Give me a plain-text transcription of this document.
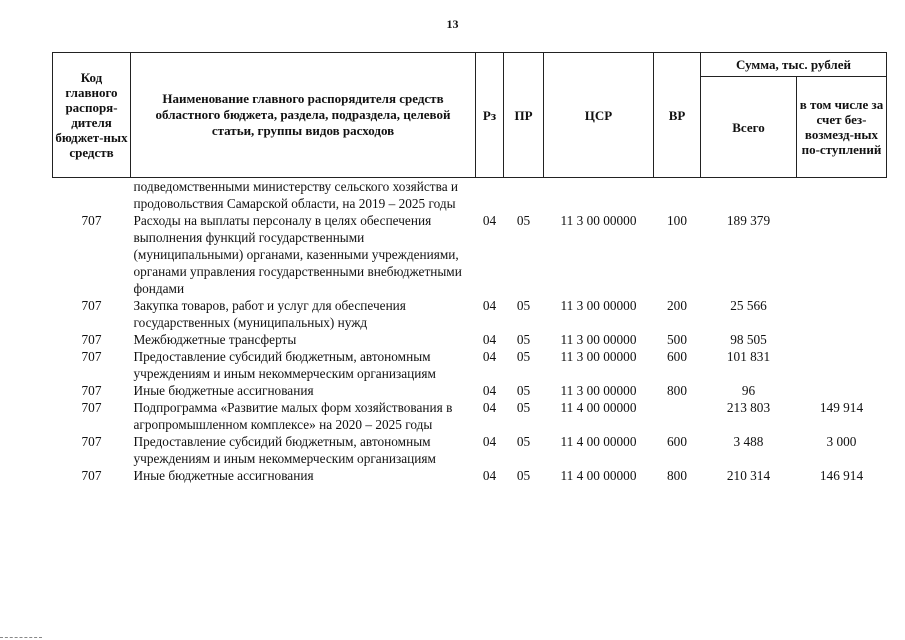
13
Код главного распоря-дителя бюджет-ных средств	Наименование главного распорядителя средств областного бюджета, раздела, подраздела, целевой статьи, группы видов расходов	Рз	ПР	ЦСР	ВР	Сумма, тыс. рублей	
						Всего	в том числе за счет без-возмезд-ных по-ступлений
	подведомственными министерству сельского хозяйства и продовольствия Самарской области, на 2019 – 2025 годы						
707	Расходы на выплаты персоналу в целях обеспечения выполнения функций государственными (муниципальными) органами, казенными учреждениями, органами управления государственными внебюджетными фондами	04	05	11 3 00 00000	100	189 379	
707	Закупка товаров, работ и услуг для обеспечения государственных (муниципальных) нужд	04	05	11 3 00 00000	200	25 566	
707	Межбюджетные трансферты	04	05	11 3 00 00000	500	98 505	
707	Предоставление субсидий бюджетным, автономным учреждениям и иным некоммерческим организациям	04	05	11 3 00 00000	600	101 831	
707	Иные бюджетные ассигнования	04	05	11 3 00 00000	800	96	
707	Подпрограмма «Развитие малых форм хозяйствования в агропромышленном комплексе» на 2020 – 2025 годы	04	05	11 4 00 00000		213 803	149 914
707	Предоставление субсидий бюджетным, автономным учреждениям и иным некоммерческим организациям	04	05	11 4 00 00000	600	3 488	3 000
707	Иные бюджетные ассигнования	04	05	11 4 00 00000	800	210 314	146 914
